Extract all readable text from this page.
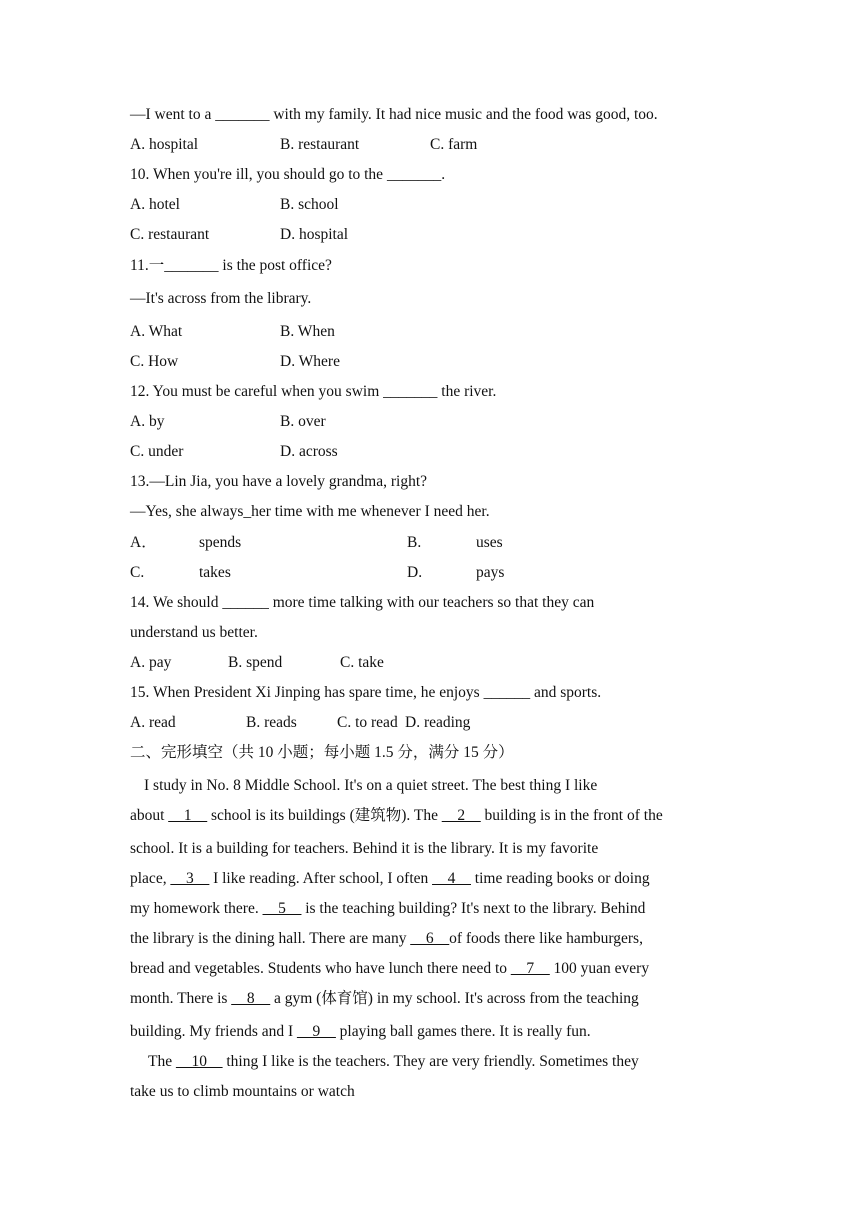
—I went to a _______ with my family. It had nice music and the food was good, too.
A. hospital	B. restaurant	C. farm
10. When you're ill, you should go to the _______.
A. hotel	B. school
C. restaurant	D. hospital
11.一_______ is the post office?
—It's across from the library.
A. What	B. When
C. How	D. Where
12. You must be careful when you swim _______ the river.
A. by	B. over
C. under	D. across
13.—Lin Jia, you have a lovely grandma, right?
—Yes, she always_her time with me whenever I need her.
A．	spends	B.	uses
C.	takes	D.	pays
14. We should ______ more time talking with our teachers so that they can
understand us better.
A. pay	B. spend	C. take
15. When President Xi Jinping has spare time, he enjoys ______ and sports.
A. read	B. reads	C. to read D. reading
二、完形填空（共 10 小题；每小题 1.5 分，满分 15 分）
I study in No. 8 Middle School. It's on a quiet street. The best thing I like
about __1__ school is its buildings (建筑物). The __2__ building is in the front of the
school. It is a building for teachers. Behind it is the library. It is my favorite
place, __3__ I like reading. After school, I often __4__ time reading books or doing
my homework there. __5__ is the teaching building? It's next to the library. Behind
the library is the dining hall. There are many __6__of foods there like hamburgers,
bread and vegetables. Students who have lunch there need to __7__ 100 yuan every
month. There is __8__ a gym (体育馆) in my school. It's across from the teaching
building. My friends and I __9__ playing ball games there. It is really fun.
The __10__ thing I like is the teachers. They are very friendly. Sometimes they
take us to climb mountains or watch
